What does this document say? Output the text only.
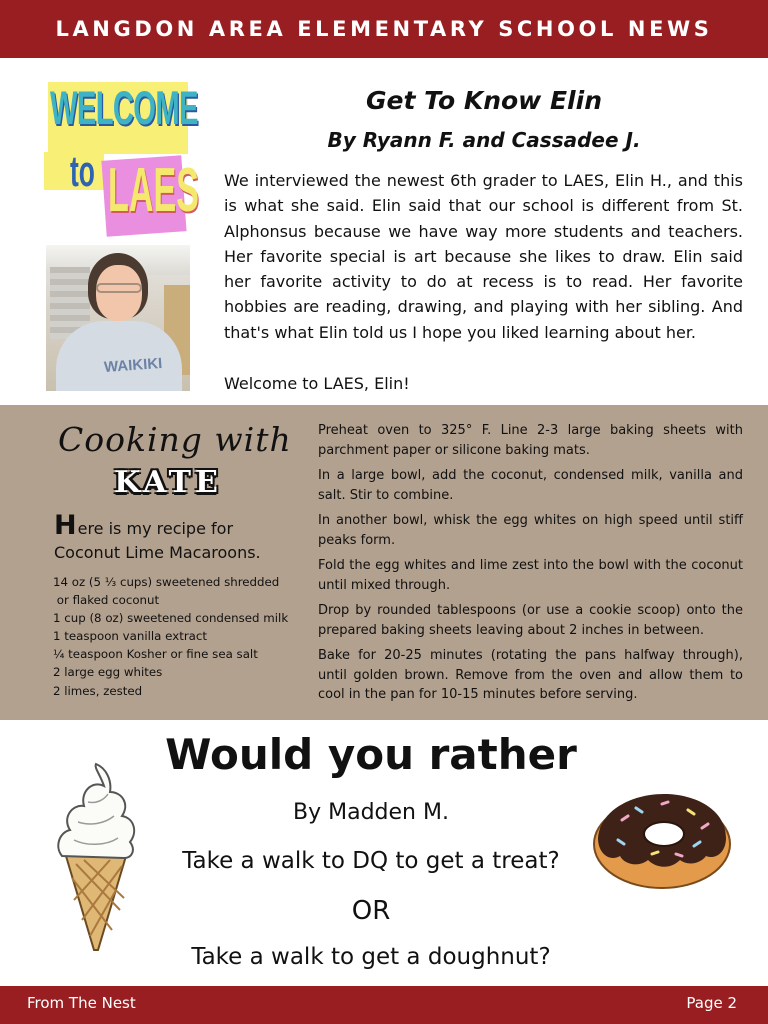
LANGDON AREA ELEMENTARY SCHOOL NEWS
WELCOME
to LAES
WAIKIKI
Get To Know Elin
By Ryann F. and Cassadee J.

We interviewed the newest 6th grader to LAES, Elin H., and this is what she said. Elin said that our school is different from St. Alphonsus because we have way more students and teachers. Her favorite special is art because she likes to draw. Elin said her favorite activity to do at recess is to read. Her favorite hobbies are reading, drawing, and playing with her sibling. And that's what Elin told us I hope you liked learning about her.

Welcome to LAES, Elin!

Cooking with
KATE

Here is my recipe for
Coconut Lime Macaroons.

14 oz (5 ⅓ cups) sweetened shredded
or flaked coconut
1 cup (8 oz) sweetened condensed milk
1 teaspoon vanilla extract
¼ teaspoon Kosher or fine sea salt
2 large egg whites
2 limes, zested

Preheat oven to 325° F. Line 2-3 large baking sheets with parchment paper or silicone baking mats.

In a large bowl, add the coconut, condensed milk, vanilla and salt. Stir to combine.

In another bowl, whisk the egg whites on high speed until stiff peaks form.

Fold the egg whites and lime zest into the bowl with the coconut until mixed through.

Drop by rounded tablespoons (or use a cookie scoop) onto the prepared baking sheets leaving about 2 inches in between.

Bake for 20-25 minutes (rotating the pans halfway through), until golden brown. Remove from the oven and allow them to cool in the pan for 10-15 minutes before serving.

Would you rather

By Madden M.

Take a walk to DQ to get a treat?

OR

Take a walk to get a doughnut?

From The Nest	Page 2
